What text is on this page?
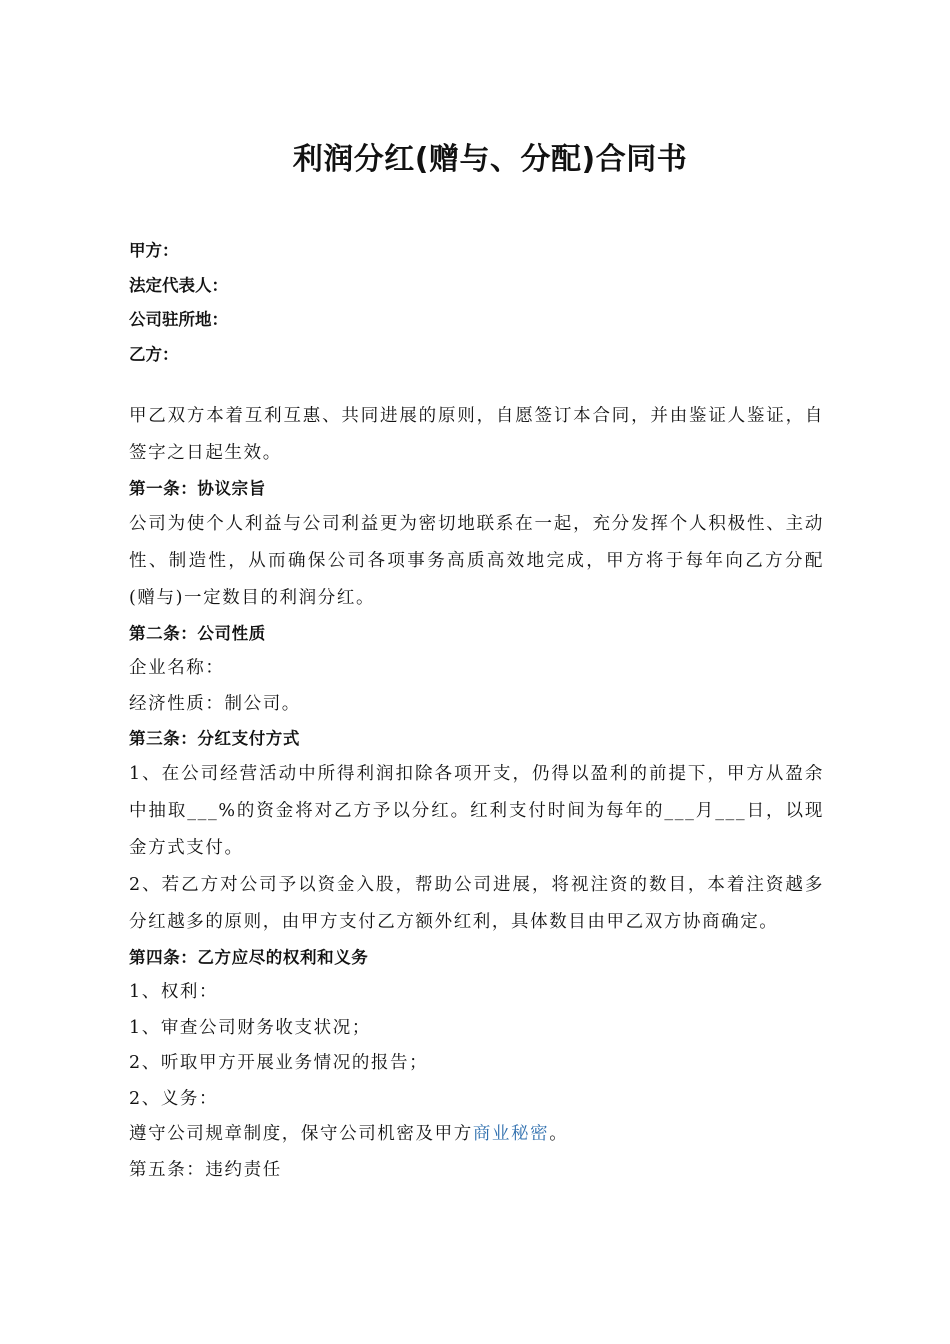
利润分红(赠与、分配)合同书
甲方：
法定代表人：
公司驻所地：
乙方：

甲乙双方本着互利互惠、共同进展的原则，自愿签订本合同，并由鉴证人鉴证，自签字之日起生效。

第一条：协议宗旨

公司为使个人利益与公司利益更为密切地联系在一起，充分发挥个人积极性、主动性、制造性，从而确保公司各项事务高质高效地完成，甲方将于每年向乙方分配(赠与)一定数目的利润分红。

第二条：公司性质

企业名称：

经济性质：制公司。

第三条：分红支付方式

1、在公司经营活动中所得利润扣除各项开支，仍得以盈利的前提下，甲方从盈余中抽取___%的资金将对乙方予以分红。红利支付时间为每年的___月___日，以现金方式支付。

2、若乙方对公司予以资金入股，帮助公司进展，将视注资的数目，本着注资越多分红越多的原则，由甲方支付乙方额外红利，具体数目由甲乙双方协商确定。

第四条：乙方应尽的权利和义务

1、权利：

1、审查公司财务收支状况；

2、听取甲方开展业务情况的报告；

2、义务：

遵守公司规章制度，保守公司机密及甲方商业秘密。

第五条：违约责任
